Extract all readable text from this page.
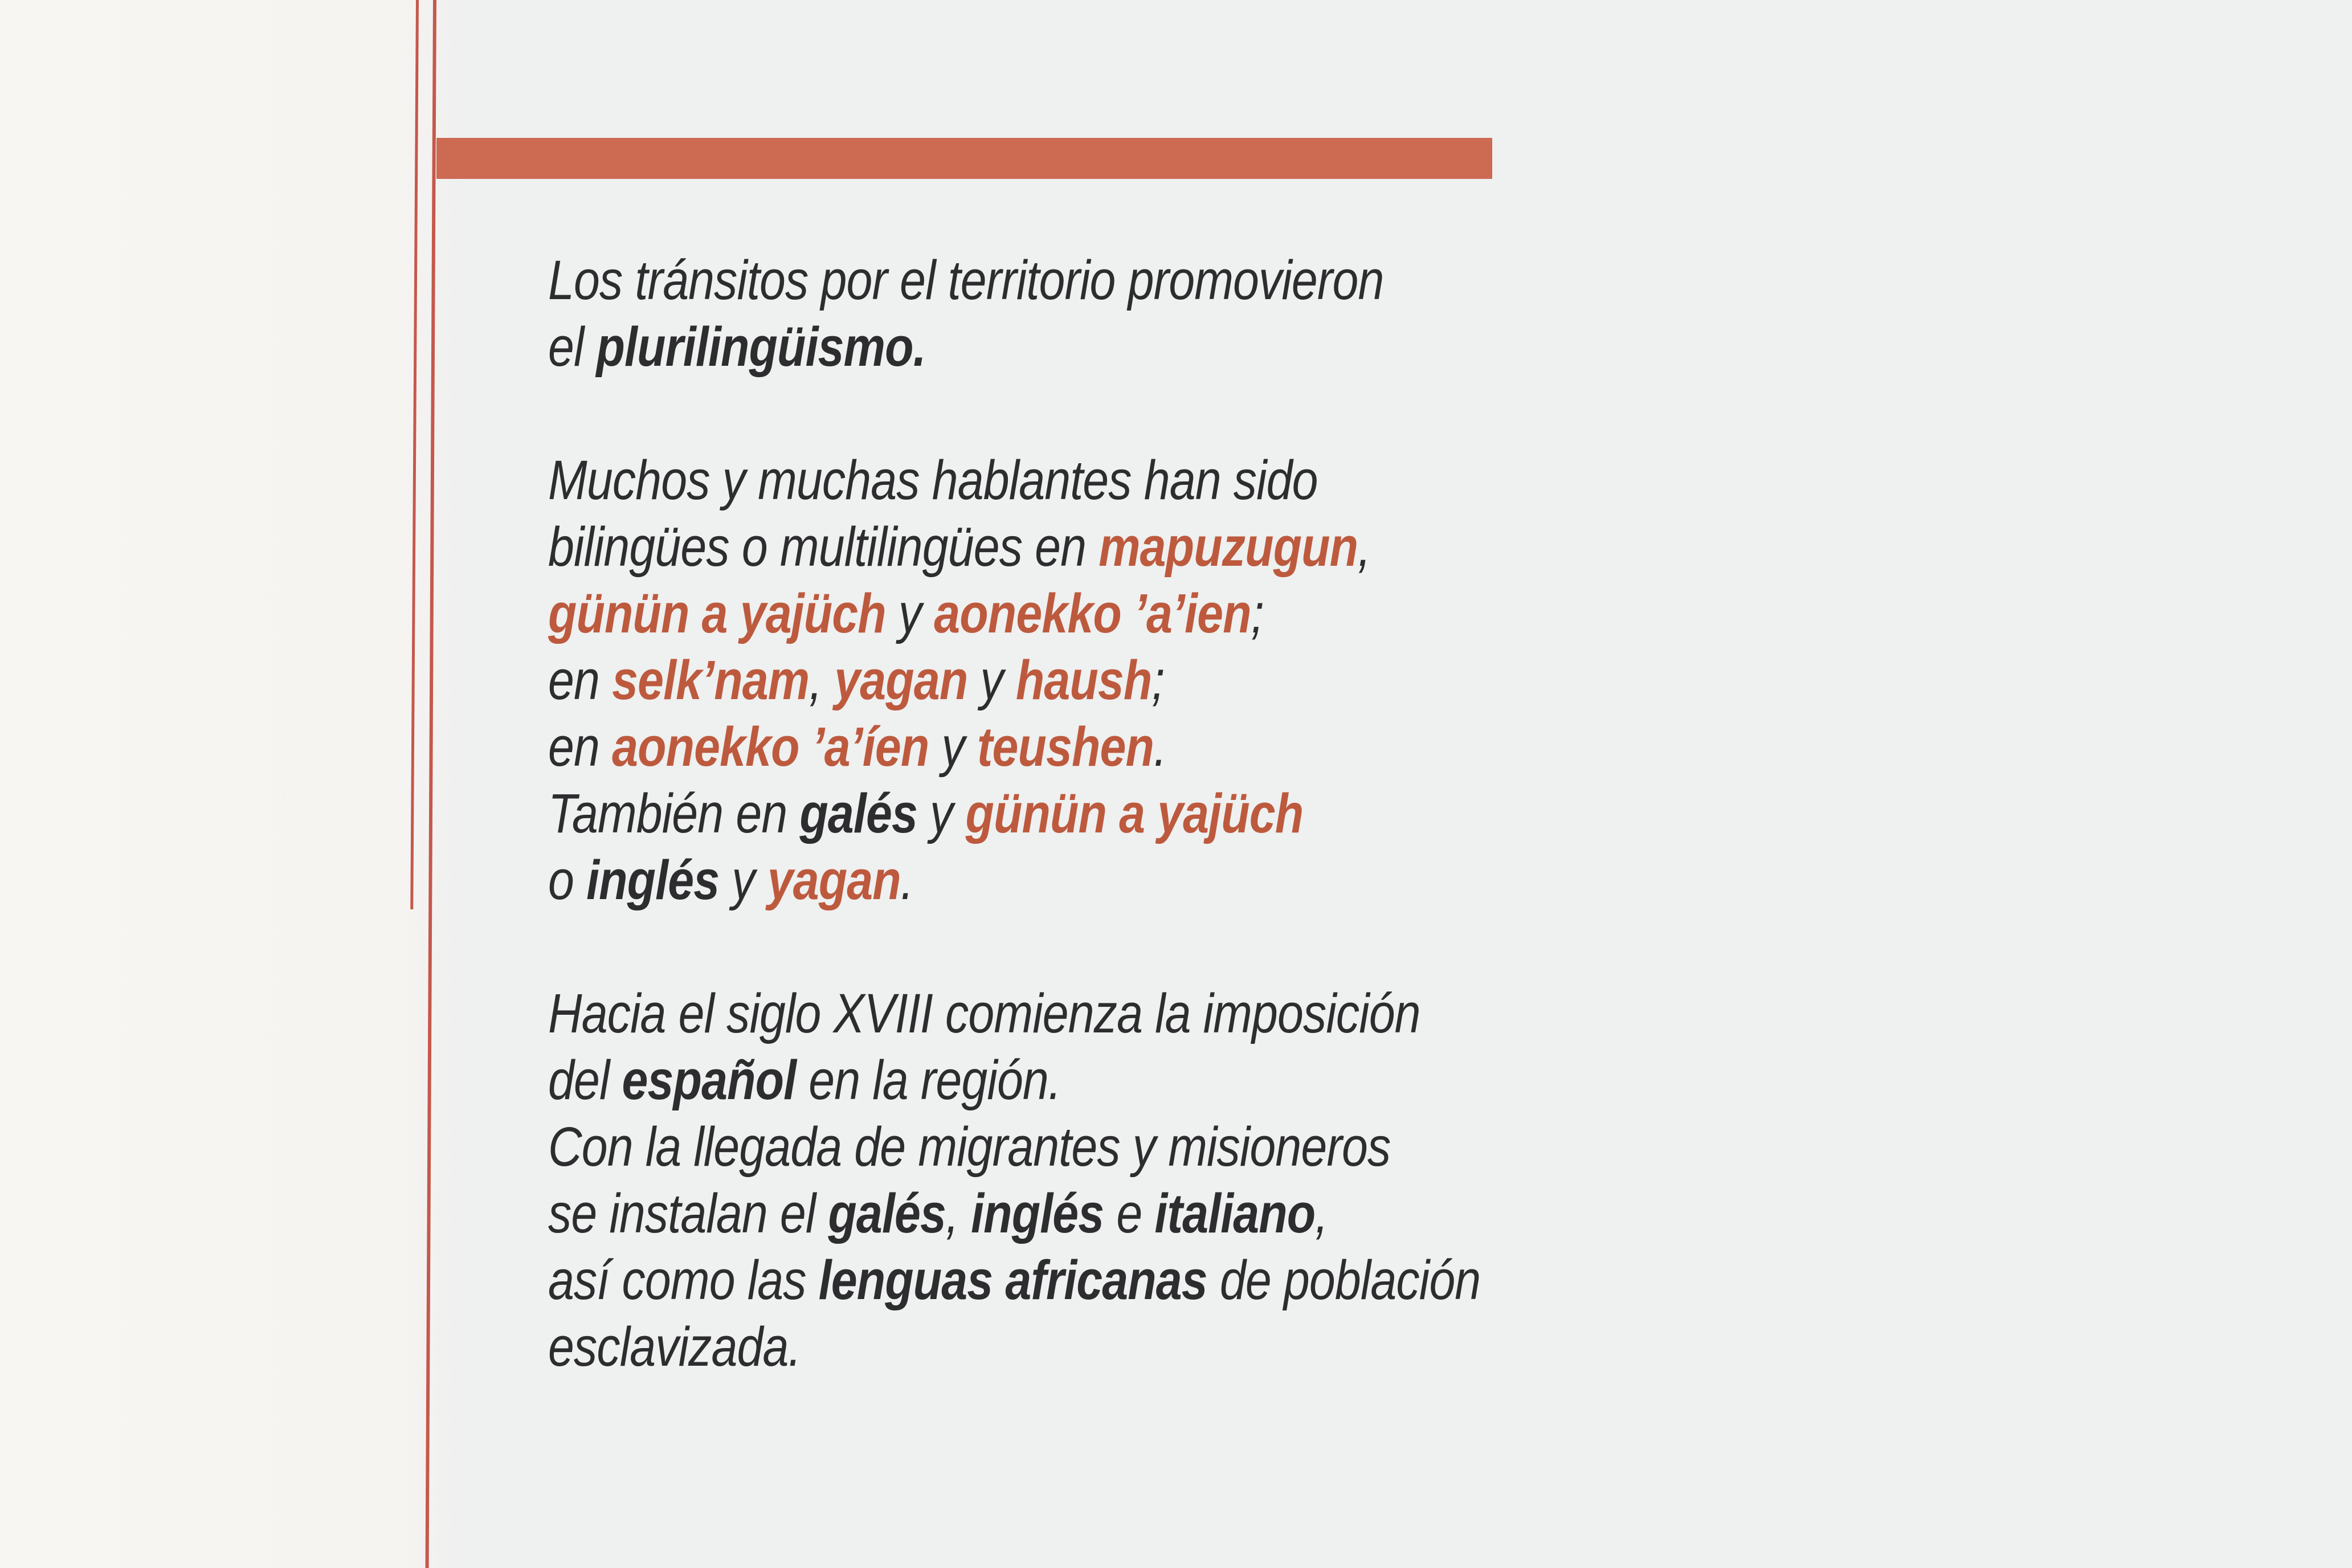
Los tránsitos por el territorio promovieron
el plurilingüismo.
Muchos y muchas hablantes han sido
bilingües o multilingües en mapuzugun,
günün a yajüch y aonekko ’a’ien;
en selk’nam, yagan y haush;
en aonekko ’a’íen y teushen.
También en galés y günün a yajüch
o inglés y yagan.
Hacia el siglo XVIII comienza la imposición
del español en la región.
Con la llegada de migrantes y misioneros
se instalan el galés, inglés e italiano,
así como las lenguas africanas de población
esclavizada.
